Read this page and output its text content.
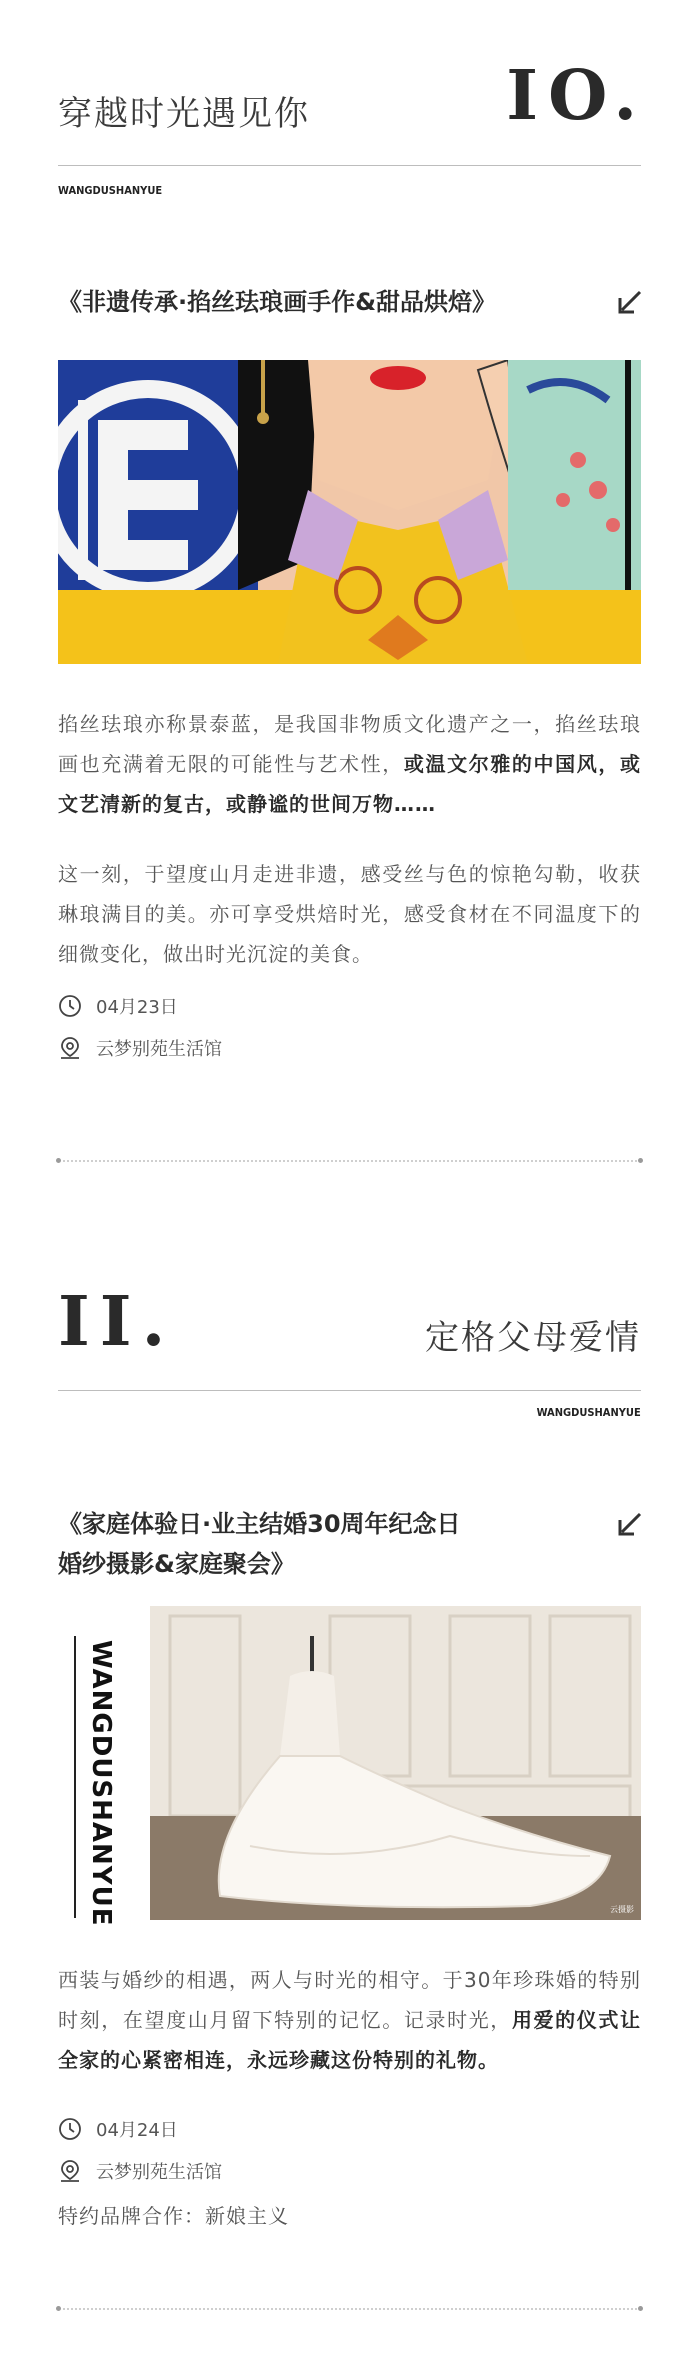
穿越时光遇见你	IO.
WANGDUSHANYUE
《非遗传承·掐丝珐琅画手作&甜品烘焙》
掐丝珐琅亦称景泰蓝，是我国非物质文化遗产之一，掐丝珐琅画也充满着无限的可能性与艺术性，或温文尔雅的中国风，或文艺清新的复古，或静谧的世间万物……
这一刻，于望度山月走进非遗，感受丝与色的惊艳勾勒，收获琳琅满目的美。亦可享受烘焙时光，感受食材在不同温度下的细微变化，做出时光沉淀的美食。
04月23日
云梦别苑生活馆
II.	定格父母爱情
WANGDUSHANYUE
《家庭体验日·业主结婚30周年纪念日
婚纱摄影&家庭聚会》
WANGDUSHANYUE	云摄影
西装与婚纱的相遇，两人与时光的相守。于30年珍珠婚的特别时刻，在望度山月留下特别的记忆。记录时光，用爱的仪式让全家的心紧密相连，永远珍藏这份特别的礼物。
04月24日
云梦别苑生活馆
特约品牌合作：新娘主义
